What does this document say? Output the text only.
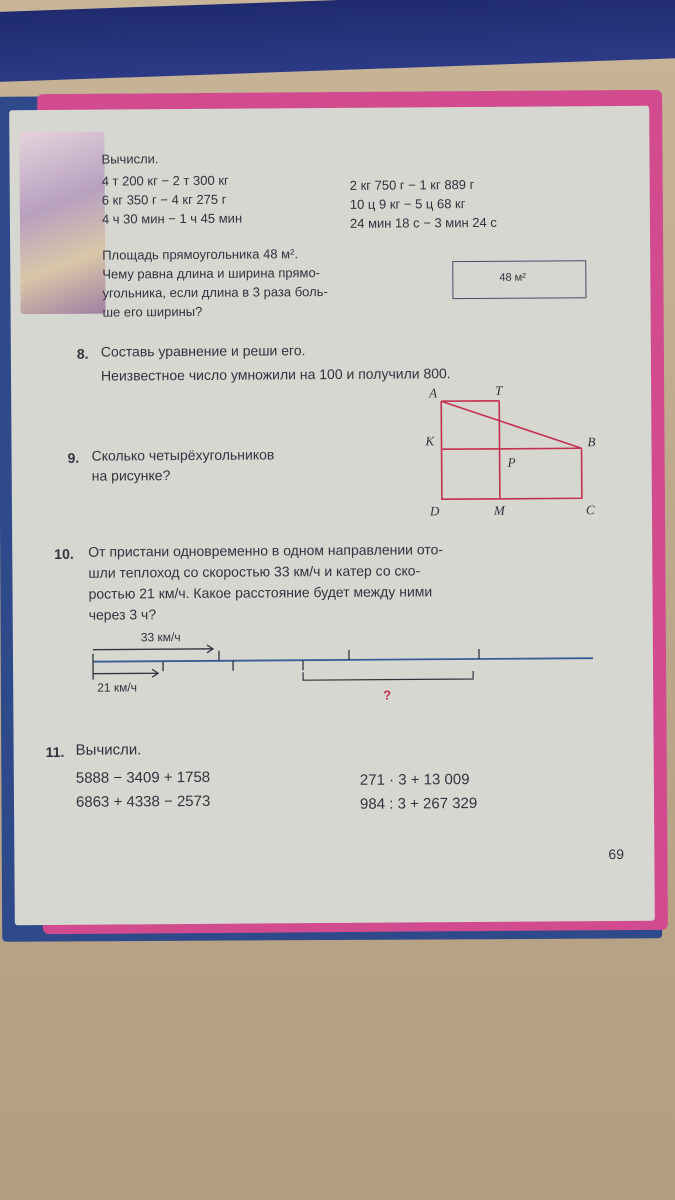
Вычисли.
4 т 200 кг − 2 т 300 кг
6 кг 350 г − 4 кг 275 г
4 ч 30 мин − 1 ч 45 мин
2 кг 750 г − 1 кг 889 г
10 ц 9 кг − 5 ц 68 кг
24 мин 18 с − 3 мин 24 с
Площадь прямоугольника 48 м².
Чему равна длина и ширина прямо-
угольника, если длина в 3 раза боль-
ше его ширины?
48 м²
8. Составь уравнение и реши его.
Неизвестное число умножили на 100 и получили 800.
9. Сколько четырёхугольников
на рисунке?
A	T
K	B
P
D	M	C
10. От пристани одновременно в одном направлении ото-
шли теплоход со скоростью 33 км/ч и катер со ско-
ростью 21 км/ч. Какое расстояние будет между ними
через 3 ч?
33 км/ч
21 км/ч
?
11. Вычисли.
5888 − 3409 + 1758
6863 + 4338 − 2573
271 · 3 + 13 009
984 : 3 + 267 329
69
